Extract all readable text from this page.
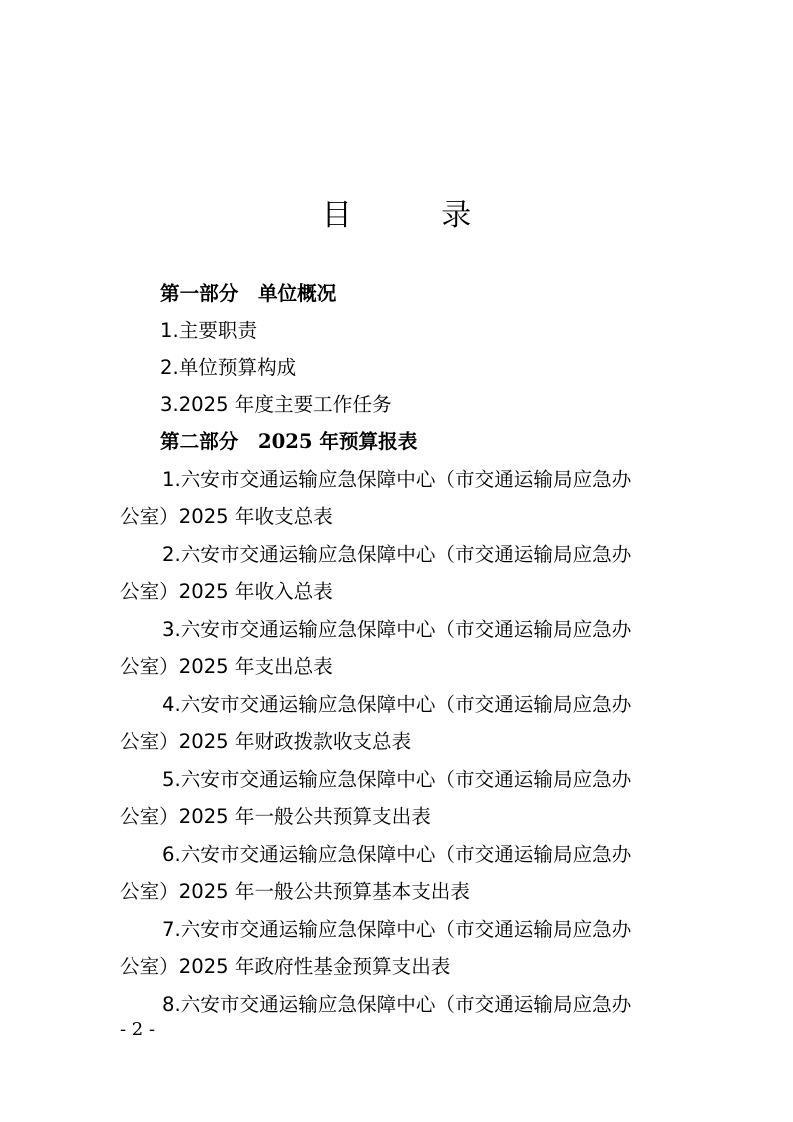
目 录
第一部分　单位概况
1.主要职责
2.单位预算构成
3.2025 年度主要工作任务
第二部分　2025 年预算报表
1.六安市交通运输应急保障中心（市交通运输局应急办
公室）2025 年收支总表
2.六安市交通运输应急保障中心（市交通运输局应急办
公室）2025 年收入总表
3.六安市交通运输应急保障中心（市交通运输局应急办
公室）2025 年支出总表
4.六安市交通运输应急保障中心（市交通运输局应急办
公室）2025 年财政拨款收支总表
5.六安市交通运输应急保障中心（市交通运输局应急办
公室）2025 年一般公共预算支出表
6.六安市交通运输应急保障中心（市交通运输局应急办
公室）2025 年一般公共预算基本支出表
7.六安市交通运输应急保障中心（市交通运输局应急办
公室）2025 年政府性基金预算支出表
8.六安市交通运输应急保障中心（市交通运输局应急办
- 2 -
